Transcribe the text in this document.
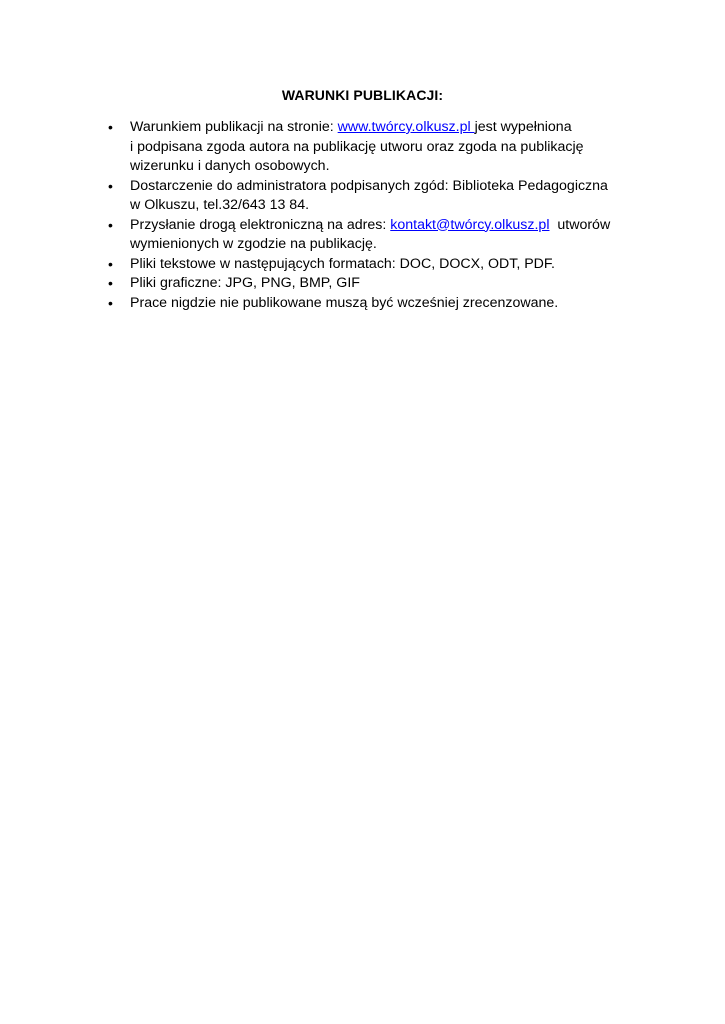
WARUNKI PUBLIKACJI:
•	Warunkiem publikacji na stronie: www.twórcy.olkusz.pl jest wypełniona
i podpisana zgoda autora na publikację utworu oraz zgoda na publikację
wizerunku i danych osobowych.
•	Dostarczenie do administratora podpisanych zgód: Biblioteka Pedagogiczna
w Olkuszu, tel.32/643 13 84.
•	Przysłanie drogą elektroniczną na adres: kontakt@twórcy.olkusz.pl  utworów
wymienionych w zgodzie na publikację.
•	Pliki tekstowe w następujących formatach: DOC, DOCX, ODT, PDF.
•	Pliki graficzne: JPG, PNG, BMP, GIF
•	Prace nigdzie nie publikowane muszą być wcześniej zrecenzowane.
